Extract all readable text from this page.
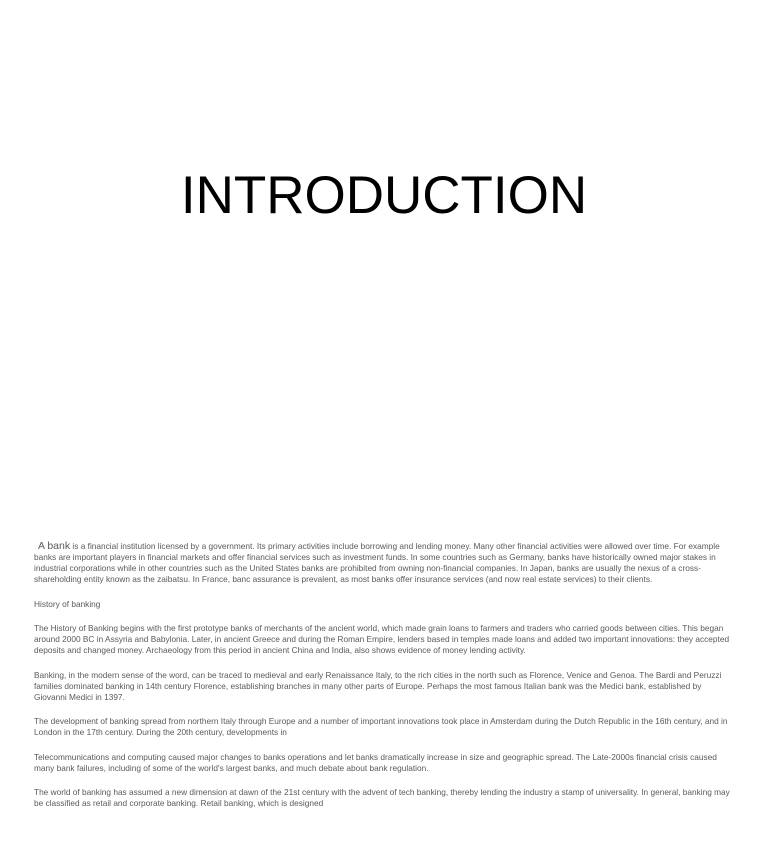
INTRODUCTION

A bank is a financial institution licensed by a government. Its primary activities include borrowing and lending money. Many other financial activities were allowed over time. For example banks are important players in financial markets and offer financial services such as investment funds. In some countries such as Germany, banks have historically owned major stakes in industrial corporations while in other countries such as the United States banks are prohibited from owning non-financial companies. In Japan, banks are usually the nexus of a cross-shareholding entity known as the zaibatsu. In France, banc assurance is prevalent, as most banks offer insurance services (and now real estate services) to their clients.

History of banking

The History of Banking begins with the first prototype banks of merchants of the ancient world, which made grain loans to farmers and traders who carried goods between cities. This began around 2000 BC in Assyria and Babylonia. Later, in ancient Greece and during the Roman Empire, lenders based in temples made loans and added two important innovations: they accepted deposits and changed money. Archaeology from this period in ancient China and India, also shows evidence of money lending activity.

Banking, in the modern sense of the word, can be traced to medieval and early Renaissance Italy, to the rich cities in the north such as Florence, Venice and Genoa. The Bardi and Peruzzi families dominated banking in 14th century Florence, establishing branches in many other parts of Europe. Perhaps the most famous Italian bank was the Medici bank, established by Giovanni Medici in 1397.

The development of banking spread from northern Italy through Europe and a number of important innovations took place in Amsterdam during the Dutch Republic in the 16th century, and in London in the 17th century. During the 20th century, developments in

Telecommunications and computing caused major changes to banks operations and let banks dramatically increase in size and geographic spread. The Late-2000s financial crisis caused many bank failures, including of some of the world's largest banks, and much debate about bank regulation.

The world of banking has assumed a new dimension at dawn of the 21st century with the advent of tech banking, thereby lending the industry a stamp of universality. In general, banking may be classified as retail and corporate banking. Retail banking, which is designed
